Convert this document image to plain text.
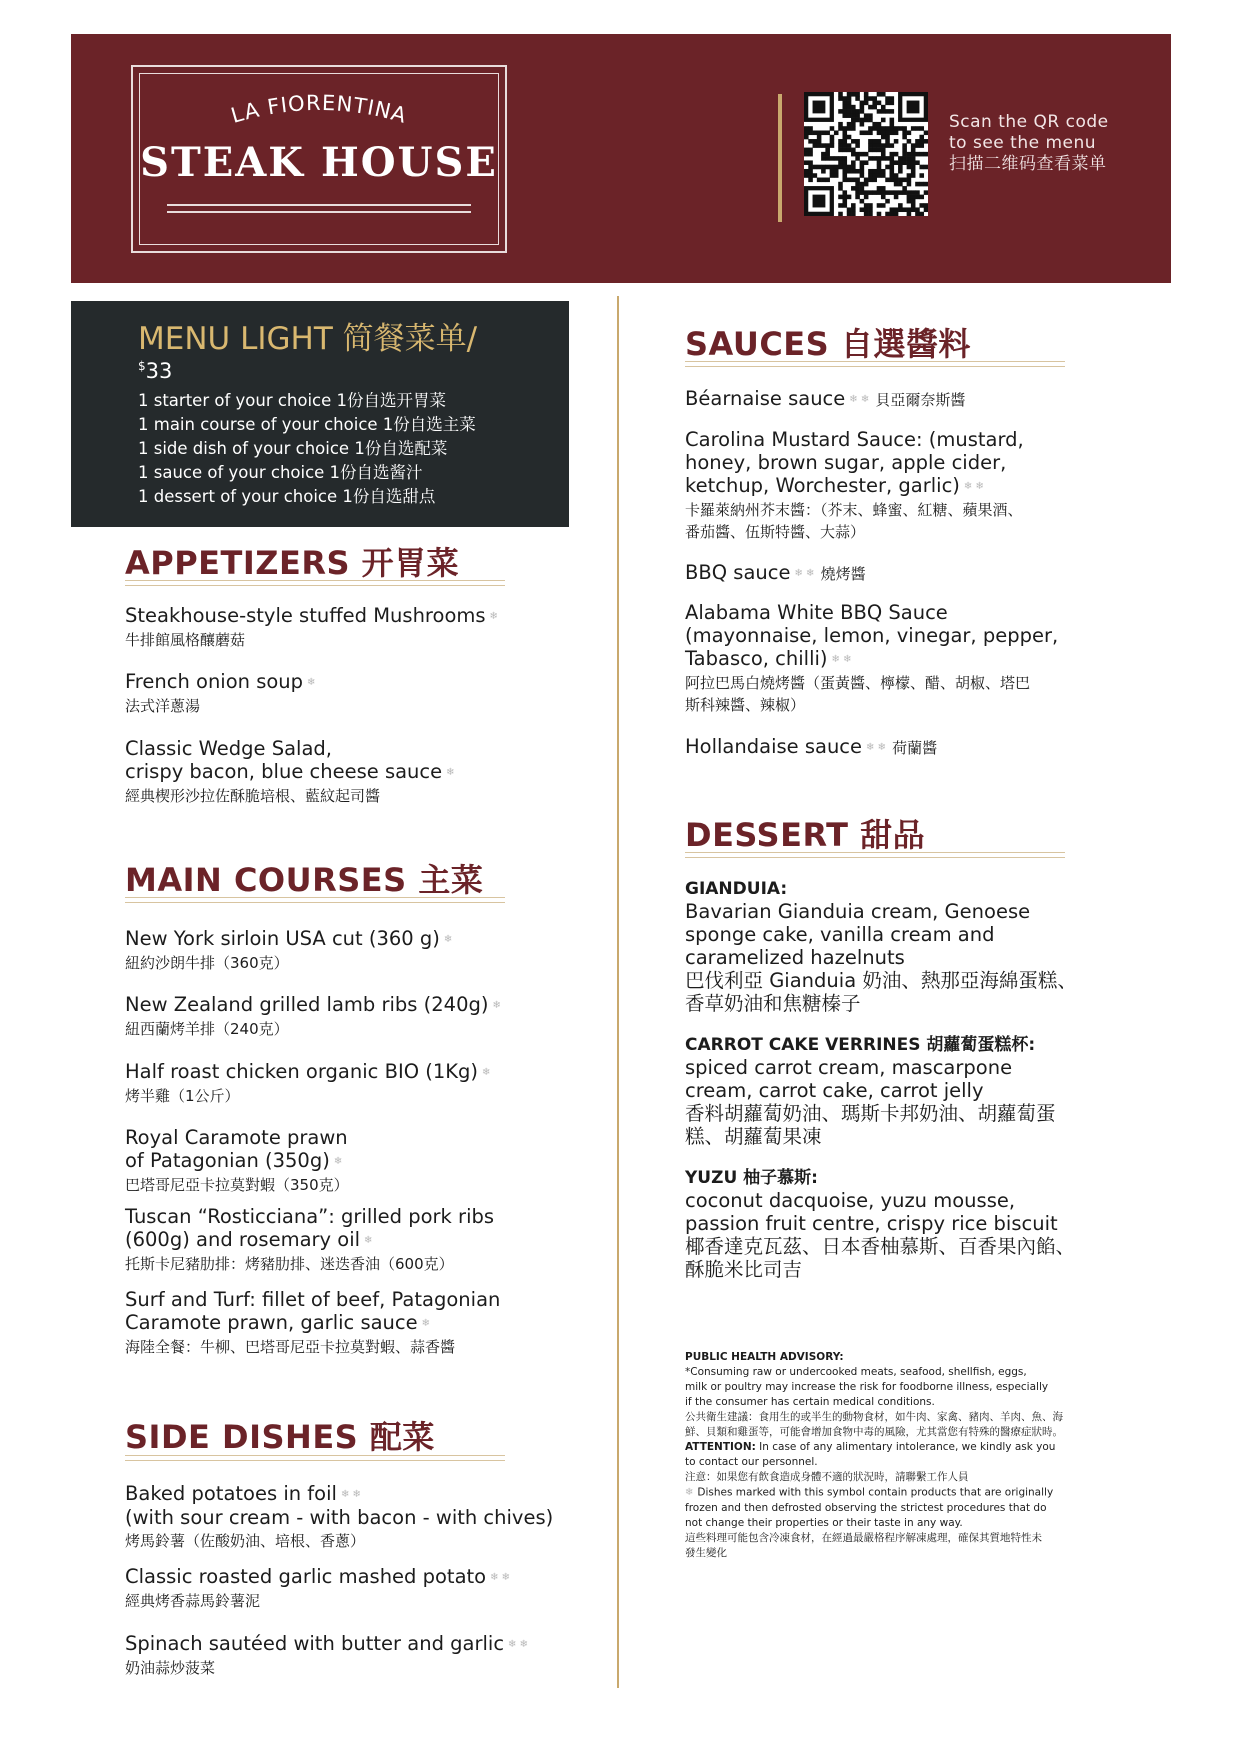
LA FIORENTINA
STEAK HOUSE
Scan the QR code
to see the menu
扫描二维码查看菜单
MENU LIGHT 简餐菜单/
$33
1 starter of your choice 1份自选开胃菜
1 main course of your choice 1份自选主菜
1 side dish of your choice 1份自选配菜
1 sauce of your choice 1份自选酱汁
1 dessert of your choice 1份自选甜点
APPETIZERS 开胃菜
Steakhouse-style stuffed Mushrooms ❄
牛排館風格釀蘑菇
French onion soup ❄
法式洋蔥湯
Classic Wedge Salad,
crispy bacon, blue cheese sauce ❄
經典楔形沙拉佐酥脆培根、藍紋起司醬
MAIN COURSES 主菜
New York sirloin USA cut (360 g) ❄
紐約沙朗牛排（360克）
New Zealand grilled lamb ribs (240g) ❄
紐西蘭烤羊排（240克）
Half roast chicken organic BIO (1Kg) ❄
烤半雞（1公斤）
Royal Caramote prawn
of Patagonian (350g) ❄
巴塔哥尼亞卡拉莫對蝦（350克）
Tuscan “Rosticciana”: grilled pork ribs
(600g) and rosemary oil ❄
托斯卡尼豬肋排：烤豬肋排、迷迭香油（600克）
Surf and Turf: fillet of beef, Patagonian
Caramote prawn, garlic sauce ❄
海陸全餐：牛柳、巴塔哥尼亞卡拉莫對蝦、蒜香醬
SIDE DISHES 配菜
Baked potatoes in foil ❄ ❄
(with sour cream - with bacon - with chives)
烤馬鈴薯（佐酸奶油、培根、香蔥）
Classic roasted garlic mashed potato ❄ ❄
經典烤香蒜馬鈴薯泥
Spinach sautéed with butter and garlic ❄ ❄
奶油蒜炒菠菜
SAUCES 自選醬料
Béarnaise sauce ❄ ❄ 貝亞爾奈斯醬
Carolina Mustard Sauce: (mustard,
honey, brown sugar, apple cider,
ketchup, Worchester, garlic) ❄ ❄
卡羅萊納州芥末醬：（芥末、蜂蜜、紅糖、蘋果酒、
番茄醬、伍斯特醬、大蒜）
BBQ sauce ❄ ❄ 燒烤醬
Alabama White BBQ Sauce
(mayonnaise, lemon, vinegar, pepper,
Tabasco, chilli) ❄ ❄
阿拉巴馬白燒烤醬（蛋黃醬、檸檬、醋、胡椒、塔巴
斯科辣醬、辣椒）
Hollandaise sauce ❄ ❄ 荷蘭醬
DESSERT 甜品
GIANDUIA:
Bavarian Gianduia cream, Genoese
sponge cake, vanilla cream and
caramelized hazelnuts
巴伐利亞 Gianduia 奶油、熱那亞海綿蛋糕、
香草奶油和焦糖榛子
CARROT CAKE VERRINES 胡蘿蔔蛋糕杯:
spiced carrot cream, mascarpone
cream, carrot cake, carrot jelly
香料胡蘿蔔奶油、瑪斯卡邦奶油、胡蘿蔔蛋
糕、胡蘿蔔果凍
YUZU 柚子慕斯:
coconut dacquoise, yuzu mousse,
passion fruit centre, crispy rice biscuit
椰香達克瓦茲、日本香柚慕斯、百香果內餡、
酥脆米比司吉

PUBLIC HEALTH ADVISORY:

*Consuming raw or undercooked meats, seafood, shellfish, eggs,

milk or poultry may increase the risk for foodborne illness, especially

if the consumer has certain medical conditions.

公共衛生建議：食用生的或半生的動物食材，如牛肉、家禽、豬肉、羊肉、魚、海

鮮、貝類和雞蛋等，可能會增加食物中毒的風險，尤其當您有特殊的醫療症狀時。

ATTENTION: In case of any alimentary intolerance, we kindly ask you

to contact our personnel.

注意：如果您有飲食造成身體不適的狀況時，請聯繫工作人員

❄ Dishes marked with this symbol contain products that are originally

frozen and then defrosted observing the strictest procedures that do

not change their properties or their taste in any way.

這些料理可能包含冷凍食材，在經過最嚴格程序解凍處理，確保其質地特性未

發生變化
